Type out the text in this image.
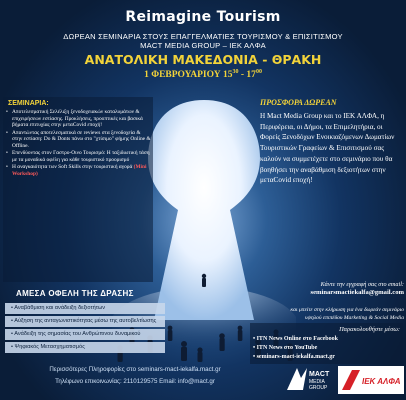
Reimagine Tourism
ΔΩΡΕΑΝ ΣΕΜΙΝΑΡΙΑ ΣΤΟΥΣ ΕΠΑΓΓΕΛΜΑΤΙΕΣ ΤΟΥΡΙΣΜΟΥ & ΕΠΙΣΙΤΙΣΜΟΥ
MACT MEDIA GROUP – ΙΕΚ ΑΛΦΑ
ΑΝΑΤΟΛΙΚΗ ΜΑΚΕΔΟΝΙΑ - ΘΡΑΚΗ
1 ΦΕΒΡΟΥΑΡΙΟΥ $15^{30} - 17^{00}$
ΣΕΜΙΝΑΡΙΑ:
• Αποτελεσματική Σελέλιξη ξενοδοχειακών καταλυμάτων & επιχειρήσεων εστίασης. Προκλήσεις, προοπτικές και βασικά βήματα επιτυχίας στην μεταCovid εποχή!
• Απαντώντας αποτελεσματικά σε reviews στα ξενοδοχεία & στην εστίαση: Do & Donts πάνω στο "χτίσιμο" φήμης Online & Offline.
• Επενδύοντας στον Γαστρο-Οινο Τουρισμό: Η ταξιδιωτική τάση με τα μοναδικά οφέλη για κάθε τουριστικό προορισμό
• Η αναγκαιότητα των Soft Skills στην τουριστική αγορά (Mini Workshop)
ΠΡΟΣΦΟΡΑ ΔΩΡΕΑΝ
Η Mact Media Group και το ΙΕΚ ΑΛΦΑ, η Περιφέρεια, οι Δήμοι, τα Επιμελητήρια, οι Φορείς Ξενοδόχων Ενοικιαζόμενων Δωματίων Τουριστικών Γραφείων & Επισιτισμού σας καλούν να συμμετέχετε στο σεμινάριο που θα βοηθήσει την αναβάθμιση δεξιοτήτων στην μεταCovid εποχή!
ΑΜΕΣΑ ΟΦΕΛΗ ΤΗΣ ΔΡΑΣΗΣ
• Αναβάθμιση και ανάδειξη δεξιοτήτων
• Αύξηση της ανταγωνιστικότητας μέσω της αυτοβελτίωσης
• Ανάδειξη της σημασίας του Ανθρώπινου δυναμικού
• Ψηφιακός Μετασχηματισμός
Κάντε την εγγραφή σας στο email:
seminarsmactiekalfa@gmail.com
και μπείτε στην κλήρωση για ένα δωρεάν σεμινάριο
υψηλού επιπέδου Marketing & Social Media
Παρακολουθήστε μέσω:
• ITN News Online στο Facebook
• ITN News στο YouTube
• seminars-mact-iekalfa.mact.gr
Περισσότερες Πληροφορίες στο seminars-mact-iekalfa.mact.gr
Τηλέφωνο επικοινωνίας: 2110129575 Email: info@mact.gr
MACT
MEDIA
GROUP
ΙΕΚ ΑΛΦΑ
